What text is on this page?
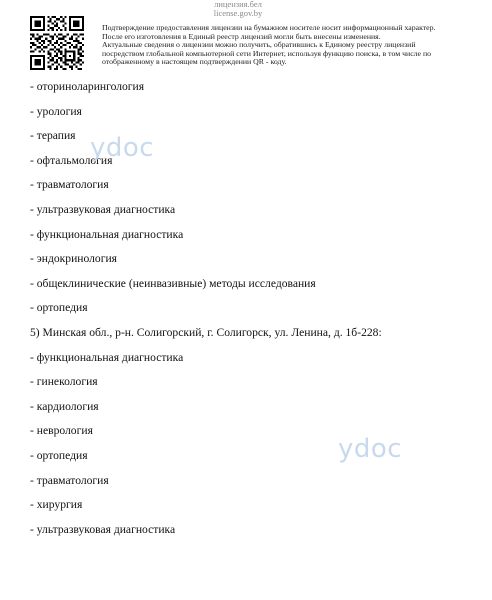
лицензия.бел
license.gov.by
Подтверждение предоставления лицензии на бумажном носителе носит информационный характер.
После его изготовления в Единый реестр лицензий могли быть внесены изменения.
Актуальные сведения о лицензии можно получить, обратившись к Единому реестру лицензий
посредством глобальной компьютерной сети Интернет, используя функцию поиска, в том числе по
отображенному в настоящем подтверждении QR - коду.
- оториноларингология
- урология
- терапия
- офтальмология
- травматология
- ультразвуковая диагностика
- функциональная диагностика
- эндокринология
- общеклинические (неинвазивные) методы исследования
- ортопедия
5) Минская обл., р-н. Солигорский, г. Солигорск, ул. Ленина, д. 1б-228:
- функциональная диагностика
- гинекология
- кардиология
- неврология
- ортопедия
- травматология
- хирургия
- ультразвуковая диагностика
ydoc
ydoc
